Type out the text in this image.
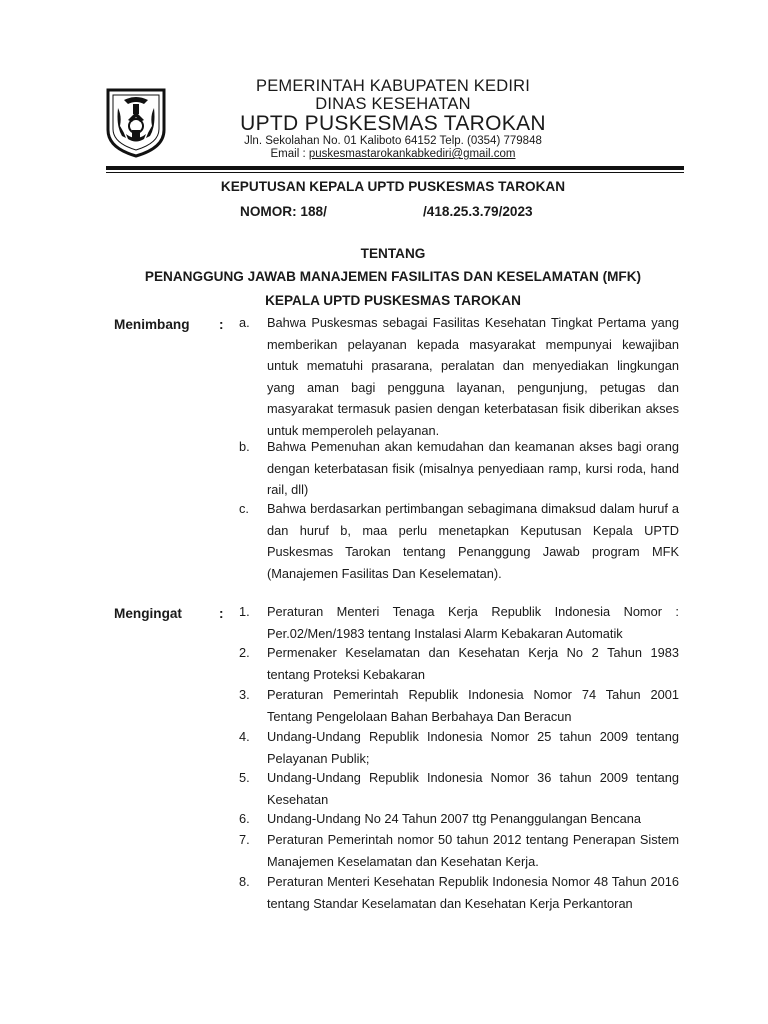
PEMERINTAH KABUPATEN KEDIRI
DINAS KESEHATAN
UPTD PUSKESMAS TAROKAN
Jln. Sekolahan No. 01 Kaliboto 64152 Telp. (0354) 779848
Email : puskesmastarokankabkediri@gmail.com
KEPUTUSAN KEPALA UPTD PUSKESMAS TAROKAN
NOMOR: 188/	/418.25.3.79/2023
TENTANG
PENANGGUNG JAWAB MANAJEMEN FASILITAS DAN KESELAMATAN (MFK)
KEPALA UPTD PUSKESMAS TAROKAN
Menimbang : a. Bahwa Puskesmas sebagai Fasilitas Kesehatan Tingkat Pertama yang memberikan pelayanan kepada masyarakat mempunyai kewajiban untuk mematuhi prasarana, peralatan dan menyediakan lingkungan yang aman bagi pengguna layanan, pengunjung, petugas dan masyarakat termasuk pasien dengan keterbatasan fisik diberikan akses untuk memperoleh pelayanan.
b. Bahwa Pemenuhan akan kemudahan dan keamanan akses bagi orang dengan keterbatasan fisik (misalnya penyediaan ramp, kursi roda, hand rail, dll)
c. Bahwa berdasarkan pertimbangan sebagimana dimaksud dalam huruf a dan huruf b, maa perlu menetapkan Keputusan Kepala UPTD Puskesmas Tarokan tentang Penanggung Jawab program MFK (Manajemen Fasilitas Dan Keselematan).
Mengingat	: 1. Peraturan Menteri Tenaga Kerja Republik Indonesia Nomor : Per.02/Men/1983 tentang Instalasi Alarm Kebakaran Automatik
2. Permenaker Keselamatan dan Kesehatan Kerja No 2 Tahun 1983 tentang Proteksi Kebakaran
3. Peraturan Pemerintah Republik Indonesia Nomor 74 Tahun 2001 Tentang Pengelolaan Bahan Berbahaya Dan Beracun
4. Undang-Undang Republik Indonesia Nomor 25 tahun 2009 tentang Pelayanan Publik;
5. Undang-Undang Republik Indonesia Nomor 36 tahun 2009 tentang Kesehatan
6. Undang-Undang No 24 Tahun 2007 ttg Penanggulangan Bencana
7. Peraturan Pemerintah nomor 50 tahun 2012 tentang Penerapan Sistem Manajemen Keselamatan dan Kesehatan Kerja.
8. Peraturan Menteri Kesehatan Republik Indonesia Nomor 48 Tahun 2016 tentang Standar Keselamatan dan Kesehatan Kerja Perkantoran
